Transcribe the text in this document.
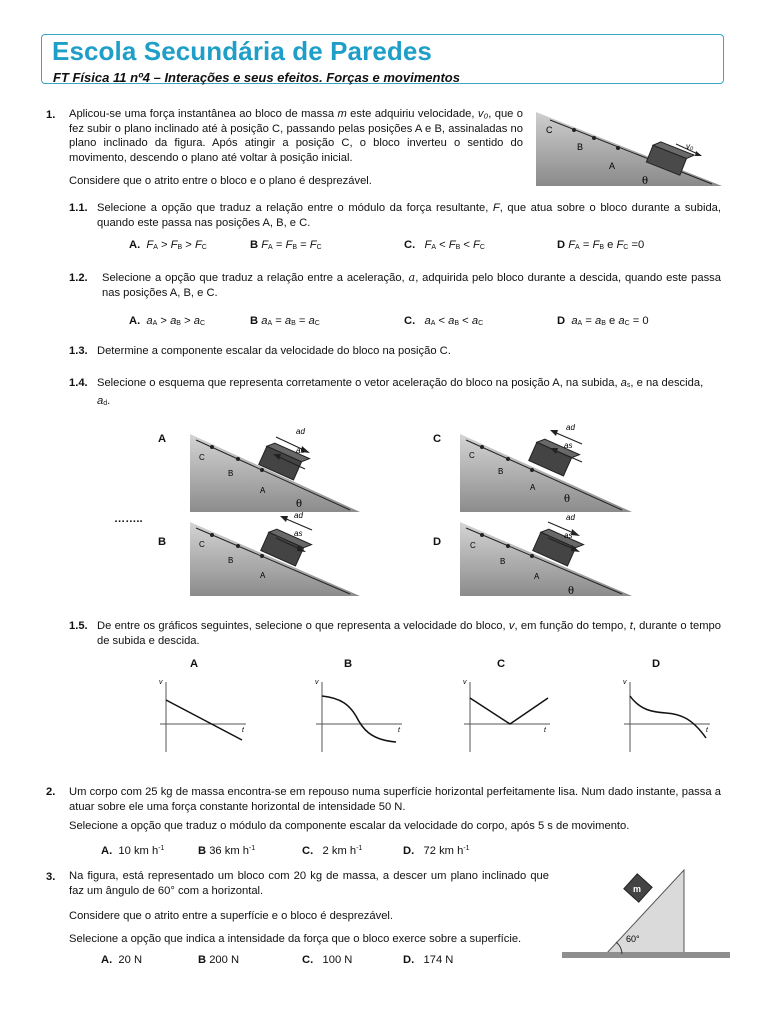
Escola Secundária de Paredes
FT Física 11 nº4 – Interações e seus efeitos. Forças e movimentos
1. Aplicou-se uma força instantânea ao bloco de massa m este adquiriu velocidade, v₀, que o fez subir o plano inclinado até à posição C, passando pelas posições A e B, assinaladas no plano inclinado da figura. Após atingir a posição C, o bloco inverteu o sentido do movimento, descendo o plano até voltar à posição inicial.
Considere que o atrito entre o bloco e o plano é desprezável.
C
B
A
θ
v₀
1.1. Selecione a opção que traduz a relação entre o módulo da força resultante, F, que atua sobre o bloco durante a subida, quando este passa nas posições A, B, e C.
A. FA > FB > FC	B FA = FB = FC	C. FA < FB < FC	D FA = FB e FC =0
1.2. Selecione a opção que traduz a relação entre a aceleração, a, adquirida pelo bloco durante a descida, quando este passa nas posições A, B, e C.
A. aA > aB > aC	B aA = aB = aC	C. aA < aB < aC	D aA = aB e aC = 0
1.3. Determine a componente escalar da velocidade do bloco na posição C.
1.4. Selecione o esquema que representa corretamente o vetor aceleração do bloco na posição A, na subida, as, e na descida,
ad.
A
B
C
D
……..
ad
as
C
B
A
θ
ad
as
C
B
A
ad
as
C
B
A
θ
ad
as
C
B
A
θ
1.5. De entre os gráficos seguintes, selecione o que representa a velocidade do bloco, v, em função do tempo, t, durante o tempo de subida e descida.
A	B	C	D
v
t
v
t
v
t
v
t
2. Um corpo com 25 kg de massa encontra-se em repouso numa superfície horizontal perfeitamente lisa. Num dado instante, passa a atuar sobre ele uma força constante horizontal de intensidade 50 N.
Selecione a opção que traduz o módulo da componente escalar da velocidade do corpo, após 5 s de movimento.
A. 10 km $h^{-1}$	B 36 km $h^{-1}$	C. 2 km $h^{-1}$	D. 72 km $h^{-1}$
3. Na figura, está representado um bloco com 20 kg de massa, a descer um plano inclinado que faz um ângulo de 60° com a horizontal.
Considere que o atrito entre a superfície e o bloco é desprezável.
Selecione a opção que indica a intensidade da força que o bloco exerce sobre a superfície.
A. 20 N	B 200 N	C. 100 N	D. 174 N
m
60°
